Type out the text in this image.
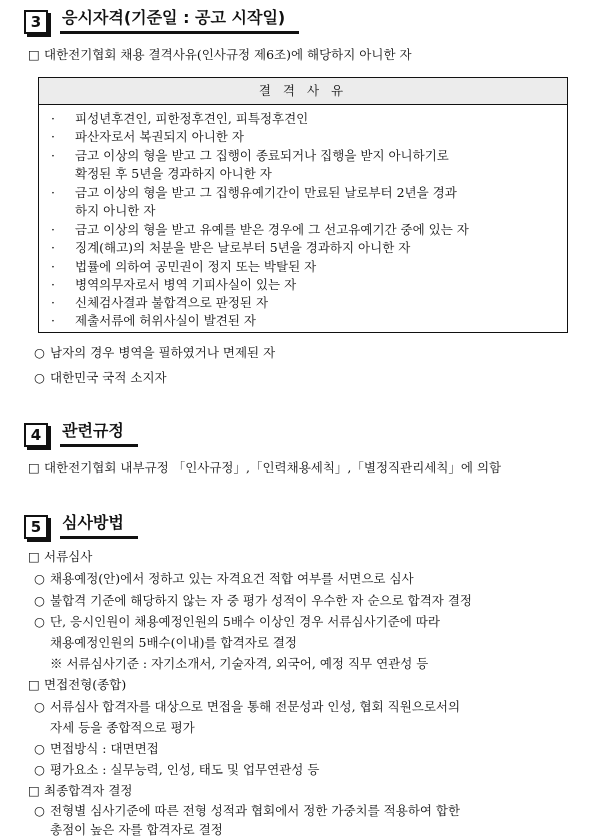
3	응시자격(기준일 : 공고 시작일)
□ 대한전기협회 채용 결격사유(인사규정 제6조)에 해당하지 아니한 자
결 격 사 유
· 피성년후견인, 피한정후견인, 피특정후견인
· 파산자로서 복권되지 아니한 자
· 금고 이상의 형을 받고 그 집행이 종료되거나 집행을 받지 아니하기로
확정된 후 5년을 경과하지 아니한 자
· 금고 이상의 형을 받고 그 집행유예기간이 만료된 날로부터 2년을 경과
하지 아니한 자
· 금고 이상의 형을 받고 유예를 받은 경우에 그 선고유예기간 중에 있는 자
· 징계(해고)의 처분을 받은 날로부터 5년을 경과하지 아니한 자
· 법률에 의하여 공민권이 정지 또는 박탈된 자
· 병역의무자로서 병역 기피사실이 있는 자
· 신체검사결과 불합격으로 판정된 자
· 제출서류에 허위사실이 발견된 자
○ 남자의 경우 병역을 필하였거나 면제된 자
○ 대한민국 국적 소지자
4	관련규정
□ 대한전기협회 내부규정 「인사규정」,「인력채용세칙」,「별정직관리세칙」에 의함
5	심사방법
□ 서류심사
○ 채용예정(안)에서 정하고 있는 자격요건 적합 여부를 서면으로 심사
○ 불합격 기준에 해당하지 않는 자 중 평가 성적이 우수한 자 순으로 합격자 결정
○ 단, 응시인원이 채용예정인원의 5배수 이상인 경우 서류심사기준에 따라
채용예정인원의 5배수(이내)를 합격자로 결정
※ 서류심사기준 : 자기소개서, 기술자격, 외국어, 예정 직무 연관성 등
□ 면접전형(종합)
○ 서류심사 합격자를 대상으로 면접을 통해 전문성과 인성, 협회 직원으로서의
자세 등을 종합적으로 평가
○ 면접방식 : 대면면접
○ 평가요소 : 실무능력, 인성, 태도 및 업무연관성 등
□ 최종합격자 결정
○ 전형별 심사기준에 따른 전형 성적과 협회에서 정한 가중치를 적용하여 합한
총점이 높은 자를 합격자로 결정
